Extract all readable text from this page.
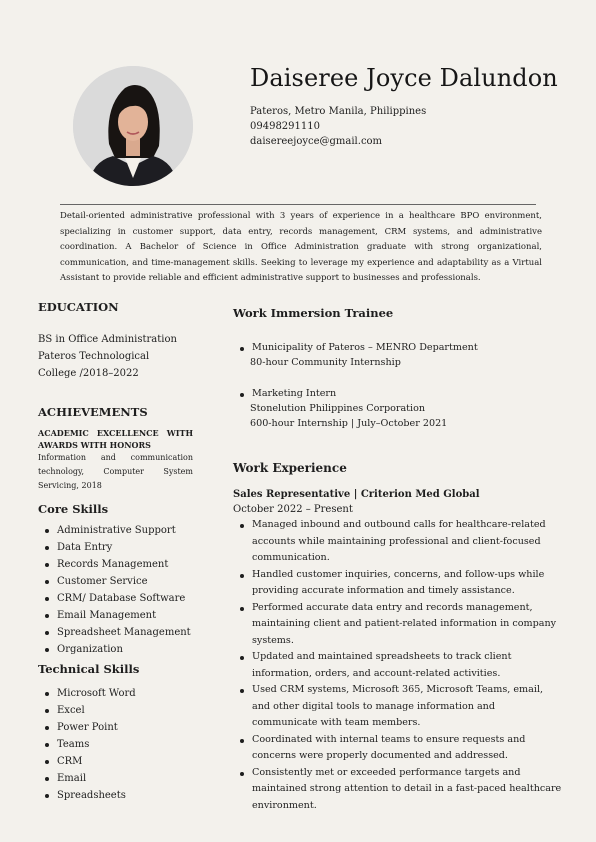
Daiseree Joyce Dalundon
Pateros, Metro Manila, Philippines
09498291110
daisereejoyce@gmail.com

Detail-oriented administrative professional with 3 years of experience in a healthcare BPO environment, specializing in customer support, data entry, records management, CRM systems, and administrative coordination. A Bachelor of Science in Office Administration graduate with strong organizational, communication, and time-management skills. Seeking to leverage my experience and adaptability as a Virtual Assistant to provide reliable and efficient administrative support to businesses and professionals.

EDUCATION
BS in Office Administration
Pateros Technological
College /2018–2022
ACHIEVEMENTS
ACADEMIC EXCELLENCE WITH AWARDS WITH HONORS
Information and communication technology, Computer System Servicing, 2018
Core Skills
Administrative Support
Data Entry
Records Management
Customer Service
CRM/ Database Software
Email Management
Spreadsheet Management
Organization
Technical Skills
Microsoft Word
Excel
Power Point
Teams
CRM
Email
Spreadsheets
Work Immersion Trainee
Municipality of Pateros – MENRO Department
80-hour Community Internship
Marketing Intern
Stonelution Philippines Corporation
600-hour Internship | July–October 2021
Work Experience
Sales Representative | Criterion Med Global
October 2022 – Present
Managed inbound and outbound calls for healthcare-related accounts while maintaining professional and client-focused communication.
Handled customer inquiries, concerns, and follow-ups while providing accurate information and timely assistance.
Performed accurate data entry and records management, maintaining client and patient-related information in company systems.
Updated and maintained spreadsheets to track client information, orders, and account-related activities.
Used CRM systems, Microsoft 365, Microsoft Teams, email, and other digital tools to manage information and communicate with team members.
Coordinated with internal teams to ensure requests and concerns were properly documented and addressed.
Consistently met or exceeded performance targets and maintained strong attention to detail in a fast-paced healthcare environment.
